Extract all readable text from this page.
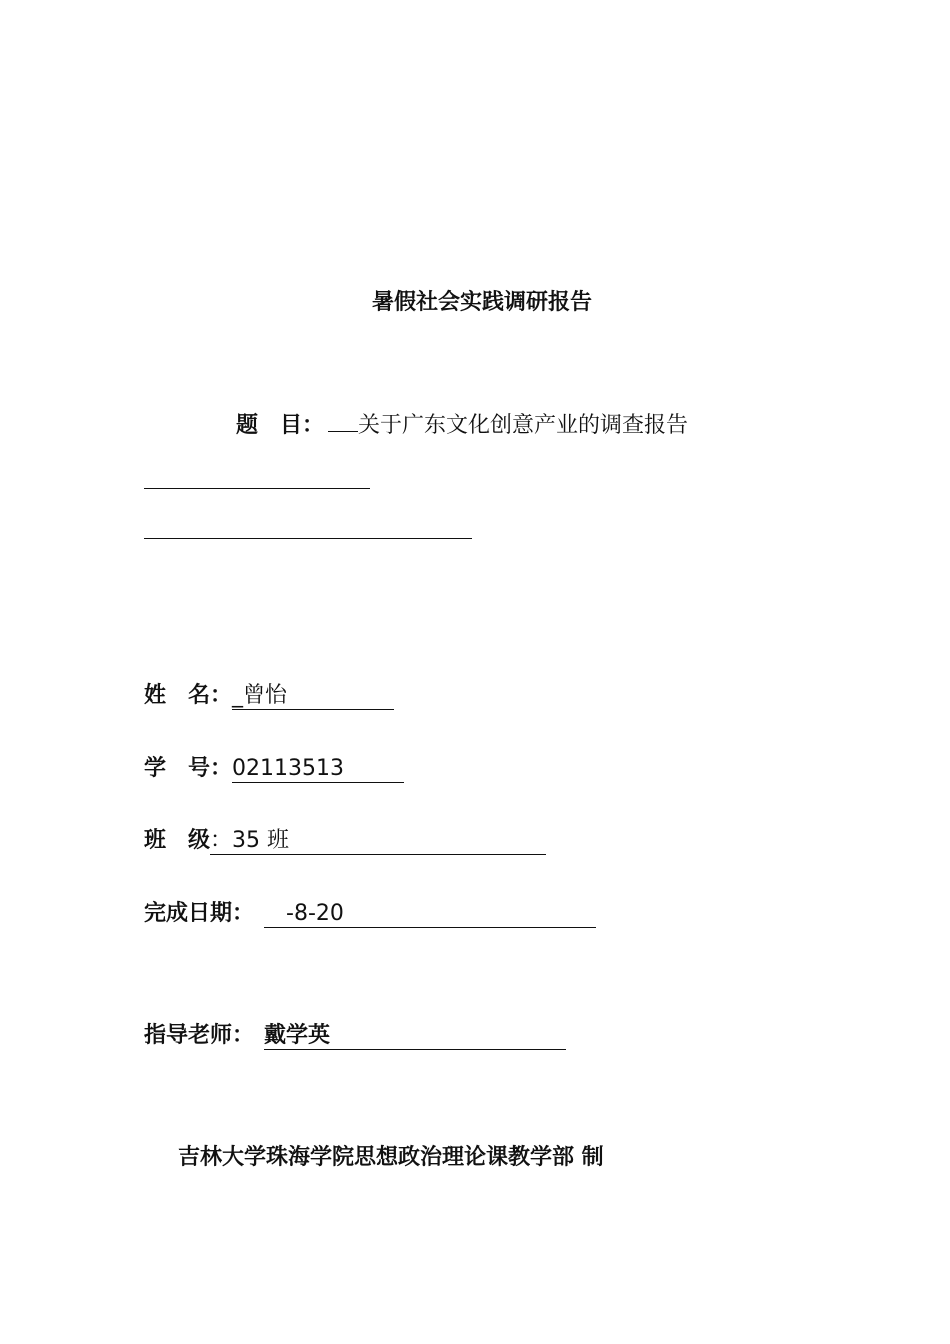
暑假社会实践调研报告
题　目： 关于广东文化创意产业的调查报告
姓　名：_曾怡
学　号：02113513
班　级：35 班
完成日期：　-8-20
指导老师： 戴学英
吉林大学珠海学院思想政治理论课教学部 制
